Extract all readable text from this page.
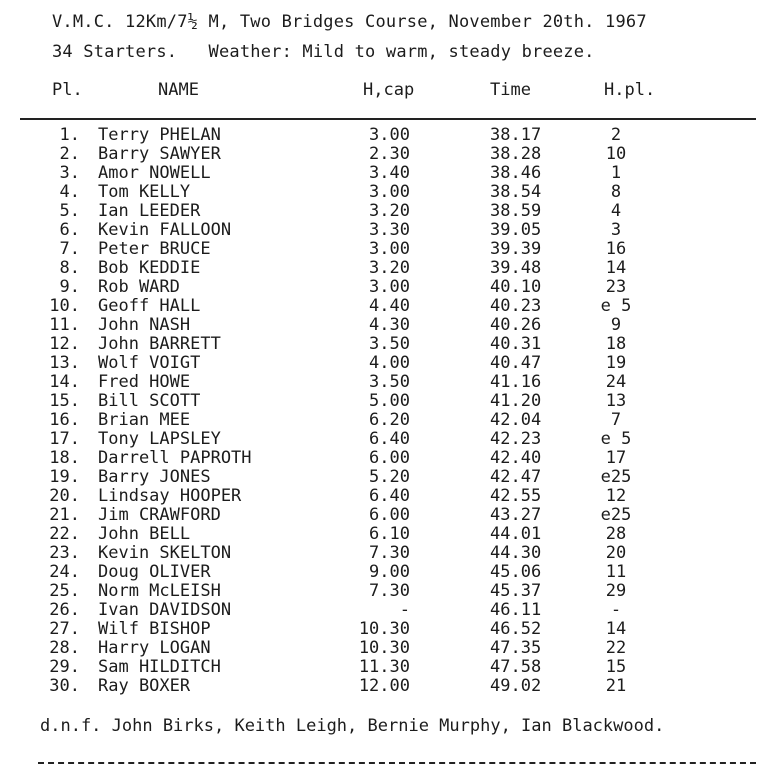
V.M.C. 12Km/7½ M, Two Bridges Course, November 20th. 1967
34 Starters.   Weather: Mild to warm, steady breeze.
Pl.	NAME	H,cap	Time	H.pl.
1. Terry PHELAN	3.00	38.17	2
2. Barry SAWYER	2.30	38.28	10
3. Amor NOWELL	3.40	38.46	1
4. Tom KELLY	3.00	38.54	8
5. Ian LEEDER	3.20	38.59	4
6. Kevin FALLOON	3.30	39.05	3
7. Peter BRUCE	3.00	39.39	16
8. Bob KEDDIE	3.20	39.48	14
9. Rob WARD	3.00	40.10	23
10. Geoff HALL	4.40	40.23	e 5
11. John NASH	4.30	40.26	9
12. John BARRETT	3.50	40.31	18
13. Wolf VOIGT	4.00	40.47	19
14. Fred HOWE	3.50	41.16	24
15. Bill SCOTT	5.00	41.20	13
16. Brian MEE	6.20	42.04	7
17. Tony LAPSLEY	6.40	42.23	e 5
18. Darrell PAPROTH	6.00	42.40	17
19. Barry JONES	5.20	42.47	e25
20. Lindsay HOOPER	6.40	42.55	12
21. Jim CRAWFORD	6.00	43.27	e25
22. John BELL	6.10	44.01	28
23. Kevin SKELTON	7.30	44.30	20
24. Doug OLIVER	9.00	45.06	11
25. Norm McLEISH	7.30	45.37	29
26. Ivan DAVIDSON	-	46.11	-
27. Wilf BISHOP	10.30	46.52	14
28. Harry LOGAN	10.30	47.35	22
29. Sam HILDITCH	11.30	47.58	15
30. Ray BOXER	12.00	49.02	21
d.n.f. John Birks, Keith Leigh, Bernie Murphy, Ian Blackwood.
